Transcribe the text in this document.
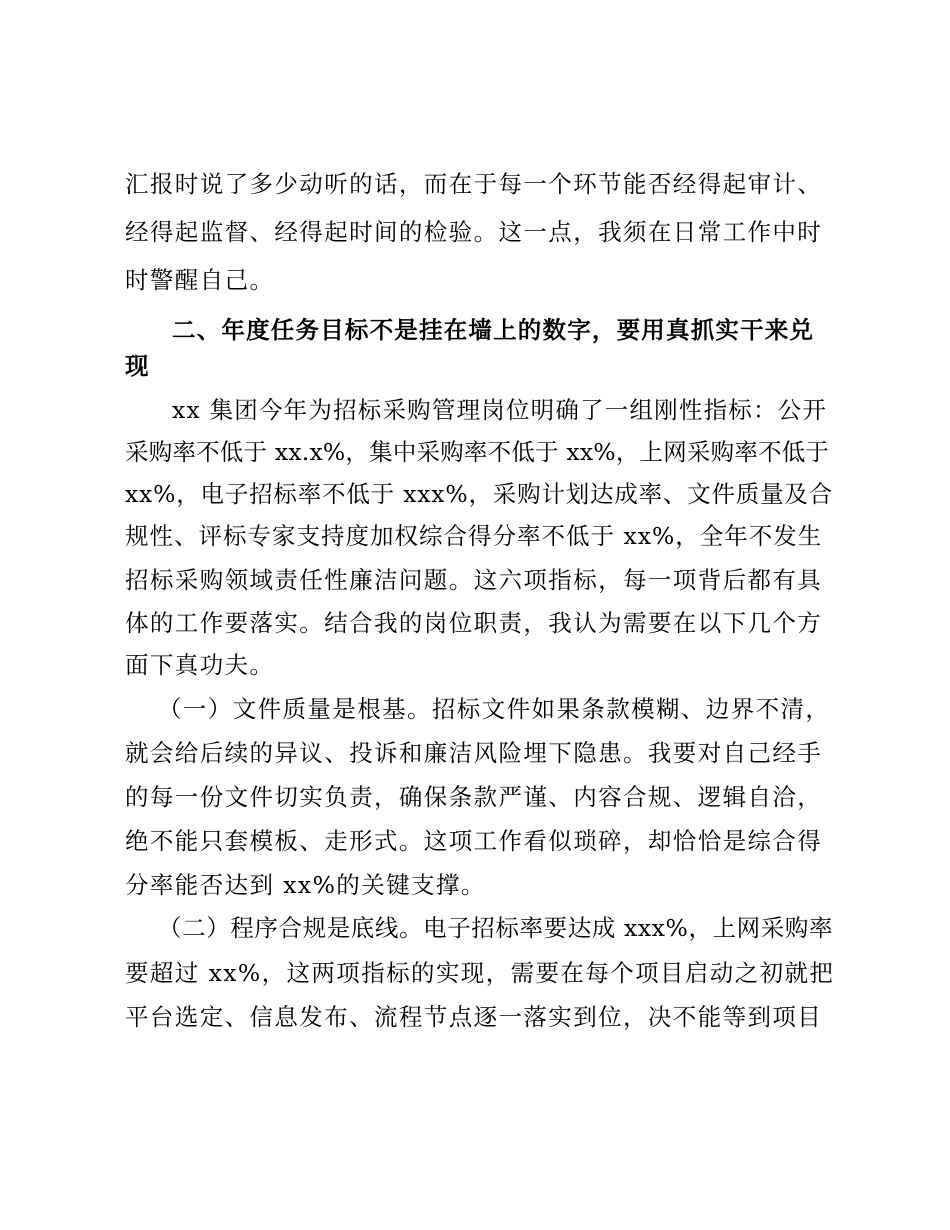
汇报时说了多少动听的话，而在于每一个环节能否经得起审计、
经得起监督、经得起时间的检验。这一点，我须在日常工作中时
时警醒自己。
二、年度任务目标不是挂在墙上的数字，要用真抓实干来兑
现
xx 集团今年为招标采购管理岗位明确了一组刚性指标：公开
采购率不低于 xx.x%，集中采购率不低于 xx%，上网采购率不低于
xx%，电子招标率不低于 xxx%，采购计划达成率、文件质量及合
规性、评标专家支持度加权综合得分率不低于 xx%，全年不发生
招标采购领域责任性廉洁问题。这六项指标，每一项背后都有具
体的工作要落实。结合我的岗位职责，我认为需要在以下几个方
面下真功夫。
（一）文件质量是根基。招标文件如果条款模糊、边界不清，
就会给后续的异议、投诉和廉洁风险埋下隐患。我要对自己经手
的每一份文件切实负责，确保条款严谨、内容合规、逻辑自洽，
绝不能只套模板、走形式。这项工作看似琐碎，却恰恰是综合得
分率能否达到 xx%的关键支撑。
（二）程序合规是底线。电子招标率要达成 xxx%，上网采购率
要超过 xx%，这两项指标的实现，需要在每个项目启动之初就把
平台选定、信息发布、流程节点逐一落实到位，决不能等到项目
